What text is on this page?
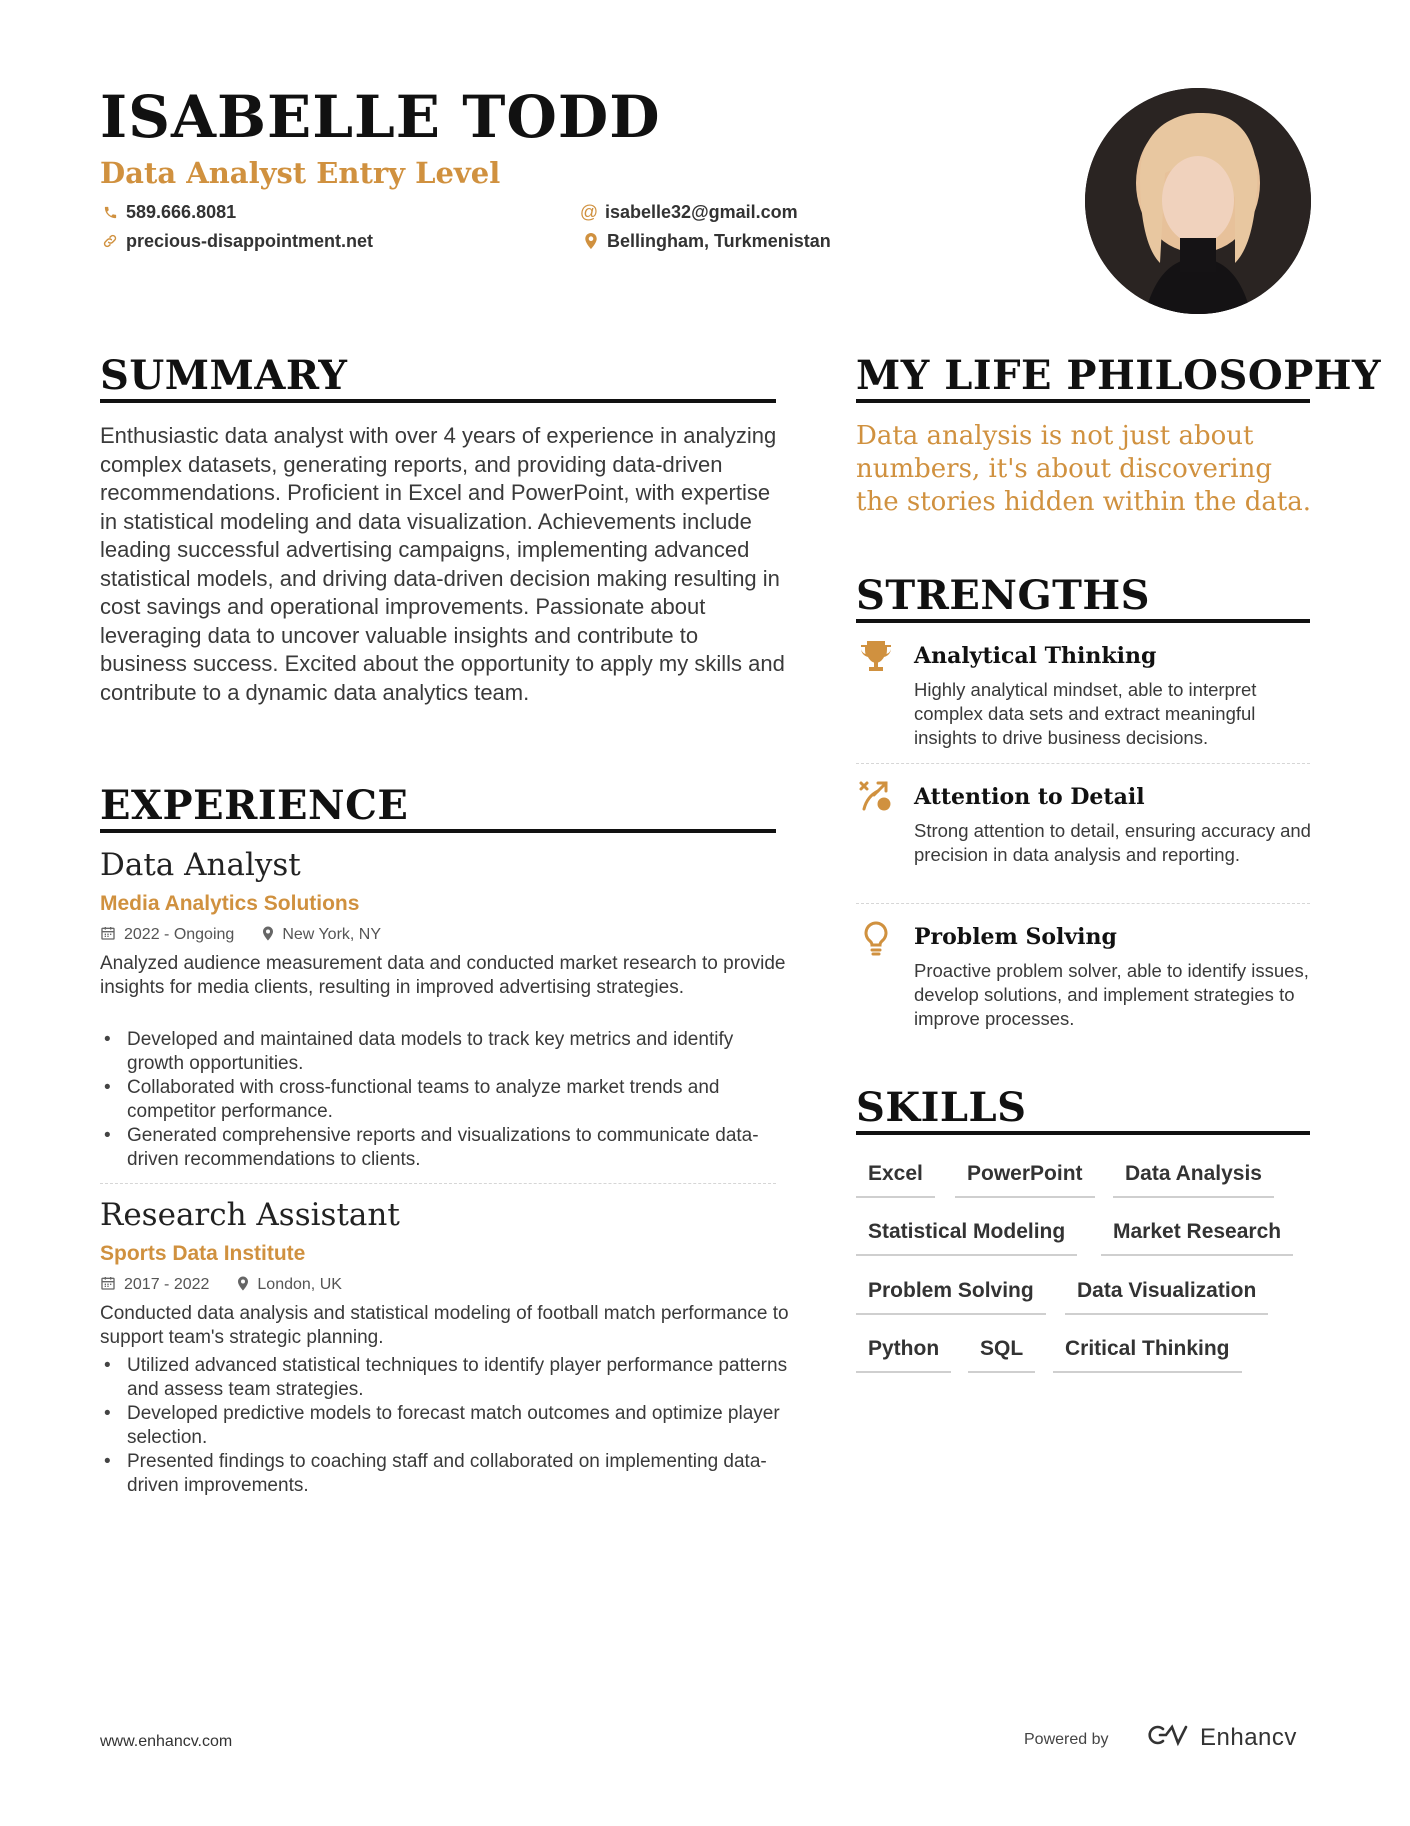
ISABELLE TODD
Data Analyst Entry Level
589.666.8081	@ isabelle32@gmail.com
precious-disappointment.net	Bellingham, Turkmenistan
SUMMARY
Enthusiastic data analyst with over 4 years of experience in analyzing complex datasets, generating reports, and providing data-driven recommendations. Proficient in Excel and PowerPoint, with expertise in statistical modeling and data visualization. Achievements include leading successful advertising campaigns, implementing advanced statistical models, and driving data-driven decision making resulting in cost savings and operational improvements. Passionate about leveraging data to uncover valuable insights and contribute to business success. Excited about the opportunity to apply my skills and contribute to a dynamic data analytics team.
EXPERIENCE
Data Analyst
Media Analytics Solutions
2022 - Ongoing	New York, NY
Analyzed audience measurement data and conducted market research to provide insights for media clients, resulting in improved advertising strategies.
• Developed and maintained data models to track key metrics and identify growth opportunities.
• Collaborated with cross-functional teams to analyze market trends and competitor performance.
• Generated comprehensive reports and visualizations to communicate data-driven recommendations to clients.
Research Assistant
Sports Data Institute
2017 - 2022	London, UK
Conducted data analysis and statistical modeling of football match performance to support team's strategic planning.
• Utilized advanced statistical techniques to identify player performance patterns and assess team strategies.
• Developed predictive models to forecast match outcomes and optimize player selection.
• Presented findings to coaching staff and collaborated on implementing data-driven improvements.
MY LIFE PHILOSOPHY
Data analysis is not just about numbers, it's about discovering the stories hidden within the data.
STRENGTHS
Analytical Thinking
Highly analytical mindset, able to interpret complex data sets and extract meaningful insights to drive business decisions.
Attention to Detail
Strong attention to detail, ensuring accuracy and precision in data analysis and reporting.
Problem Solving
Proactive problem solver, able to identify issues, develop solutions, and implement strategies to improve processes.
SKILLS
Excel	PowerPoint	Data Analysis
Statistical Modeling	Market Research
Problem Solving	Data Visualization
Python	SQL	Critical Thinking
www.enhancv.com	Powered by	Enhancv
